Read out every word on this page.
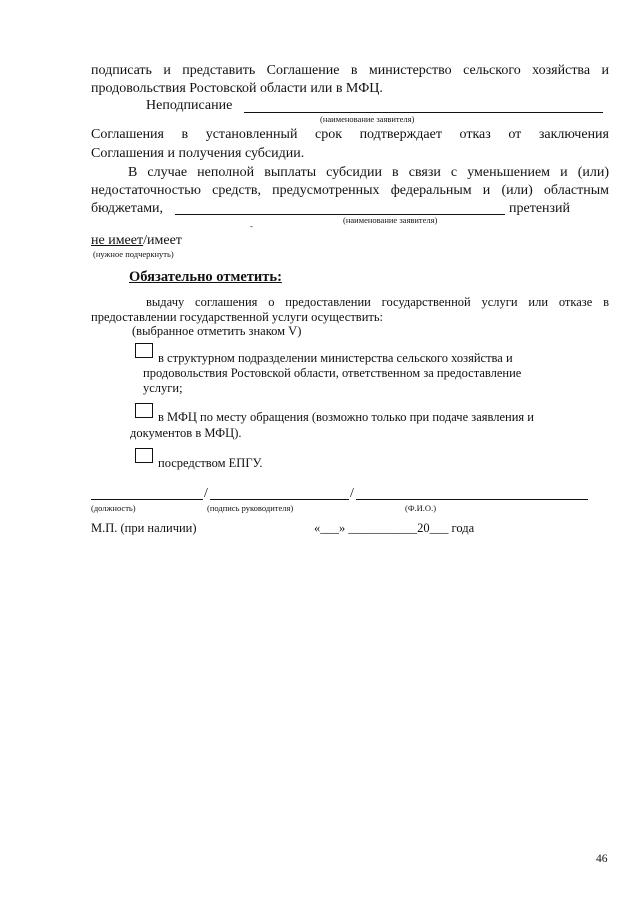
подписать и представить Соглашение в министерство сельского хозяйства и
продовольствия Ростовской области или в МФЦ.
Неподписание
(наименование заявителя)
Соглашения в установленный срок подтверждает отказ от заключения
Соглашения и получения субсидии.
В случае неполной выплаты субсидии в связи с уменьшением и (или)
недостаточностью средств, предусмотренных федеральным и (или) областным
бюджетами,	претензий
(наименование заявителя)
-
не имеет/имеет
(нужное подчеркнуть)
Обязательно отметить:
выдачу соглашения о предоставлении государственной услуги или отказе в
предоставлении государственной услуги осуществить:
(выбранное отметить знаком V)
в структурном подразделении министерства сельского хозяйства и
продовольствия Ростовской области, ответственном за предоставление
услуги;
в МФЦ по месту обращения (возможно только при подаче заявления и
документов в МФЦ).
посредством ЕПГУ.
/	/
(должность)	(подпись руководителя)	(Ф.И.О.)
М.П. (при наличии)	«___» ___________20___ года
46
